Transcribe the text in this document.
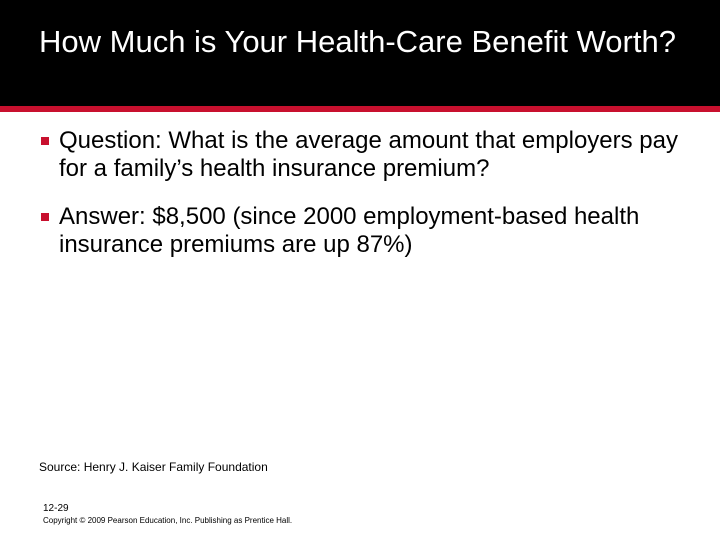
How Much is Your Health-Care Benefit Worth?
Question: What is the average amount that employers pay for a family’s health insurance premium?
Answer: $8,500 (since 2000 employment-based health insurance premiums are up 87%)
Source: Henry J. Kaiser Family Foundation
12-29
Copyright © 2009 Pearson Education, Inc. Publishing as Prentice Hall.
